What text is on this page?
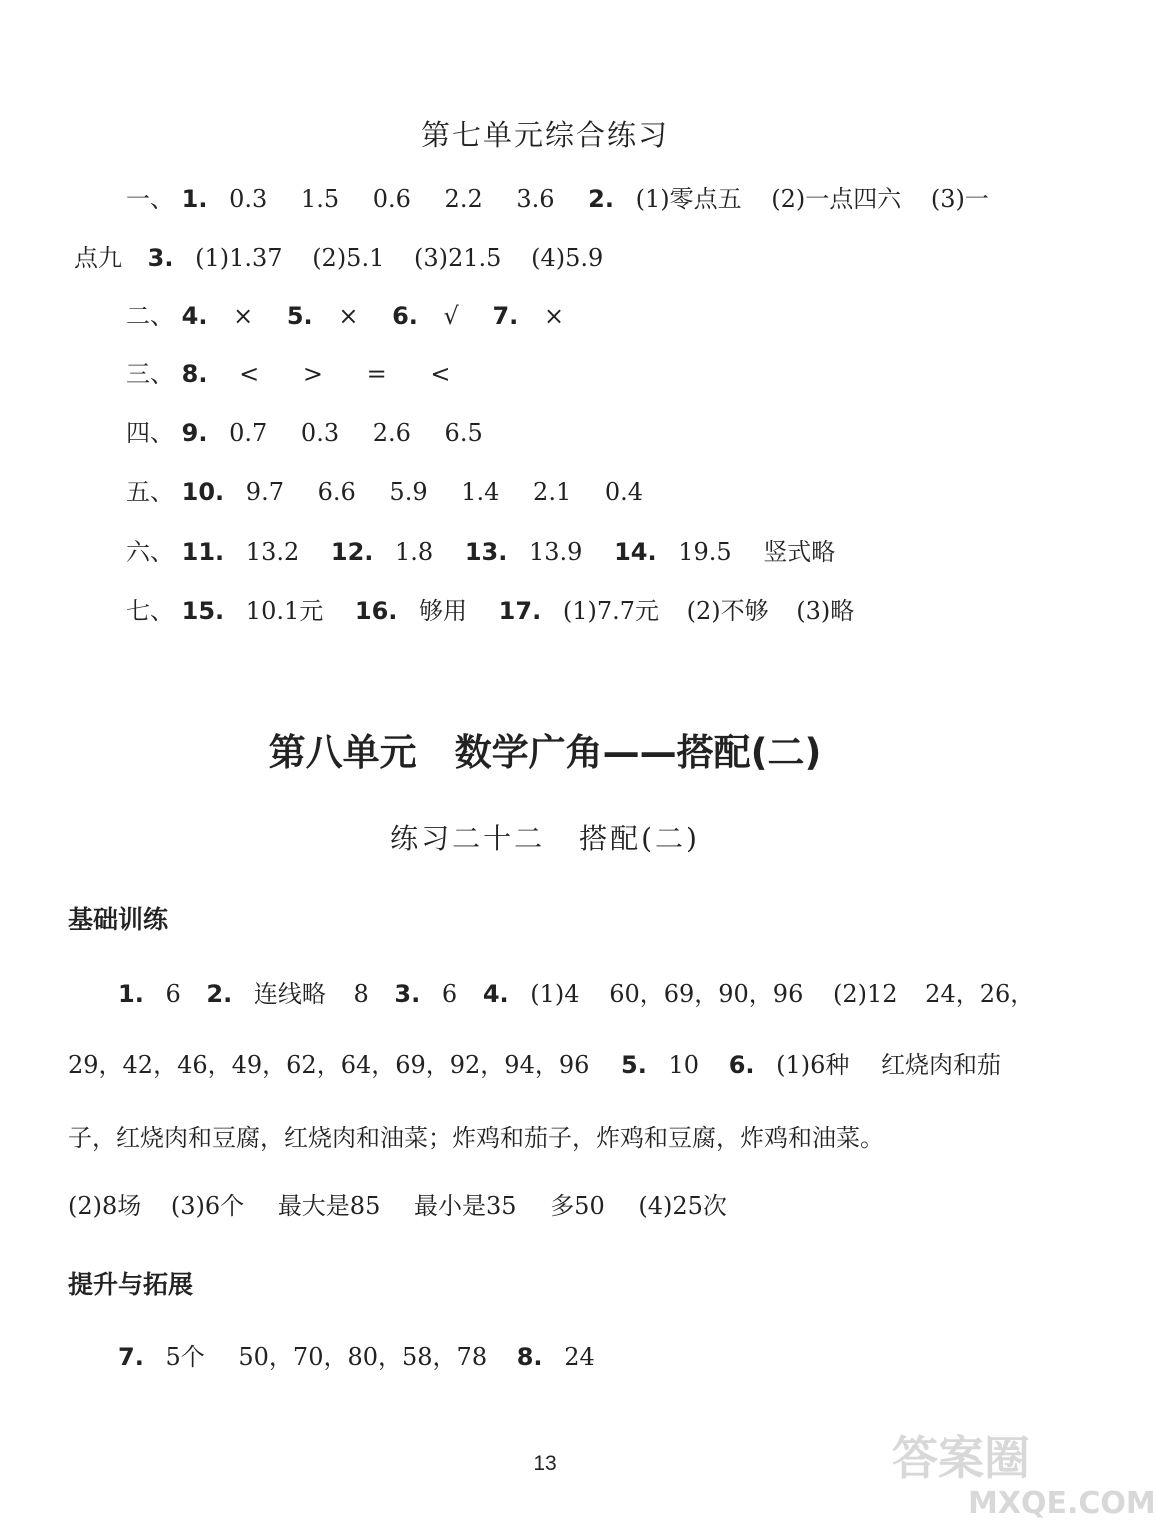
第七单元综合练习
一、 1. 0.3 1.5 0.6 2.2 3.6 2. (1)零点五 (2)一点四六 (3)一
点九 3. (1)1.37 (2)5.1 (3)21.5 (4)5.9
二、 4. × 5. × 6. √ 7. ×
三、 8. < > = <
四、 9. 0.7 0.3 2.6 6.5
五、 10. 9.7 6.6 5.9 1.4 2.1 0.4
六、 11. 13.2 12. 1.8 13. 13.9 14. 19.5 竖式略
七、 15. 10.1元 16. 够用 17. (1)7.7元 (2)不够 (3)略
第八单元 数学广角——搭配(二)
练习二十二 搭配(二)
基础训练
1. 6 2. 连线略 8 3. 6 4. (1)4 60，69，90，96 (2)12 24，26，
29，42，46，49，62，64，69，92，94，96 5. 10 6. (1)6种 红烧肉和茄
子，红烧肉和豆腐，红烧肉和油菜；炸鸡和茄子，炸鸡和豆腐，炸鸡和油菜。
(2)8场 (3)6个 最大是85 最小是35 多50 (4)25次
提升与拓展
7. 5个 50，70，80，58，78 8. 24
13	答案圈
MXQE.COM
